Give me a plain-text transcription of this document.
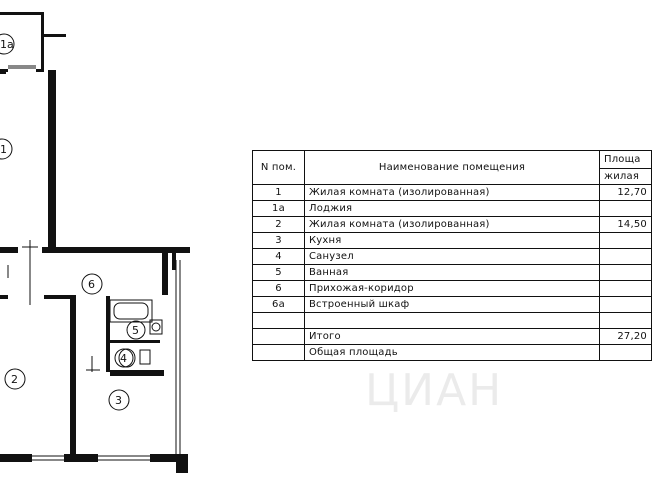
1a
1
6
5
4
2
3
N пом.	Наименование помещения	Площа
		жилая
1	Жилая комната (изолированная)	12,70
1a	Лоджия	
2	Жилая комната (изолированная)	14,50
3	Кухня	
4	Санузел	
5	Ванная	
6	Прихожая-коридор	
6a	Встроенный шкаф	

	Итого	27,20
	Общая площадь	
ЦИАН
